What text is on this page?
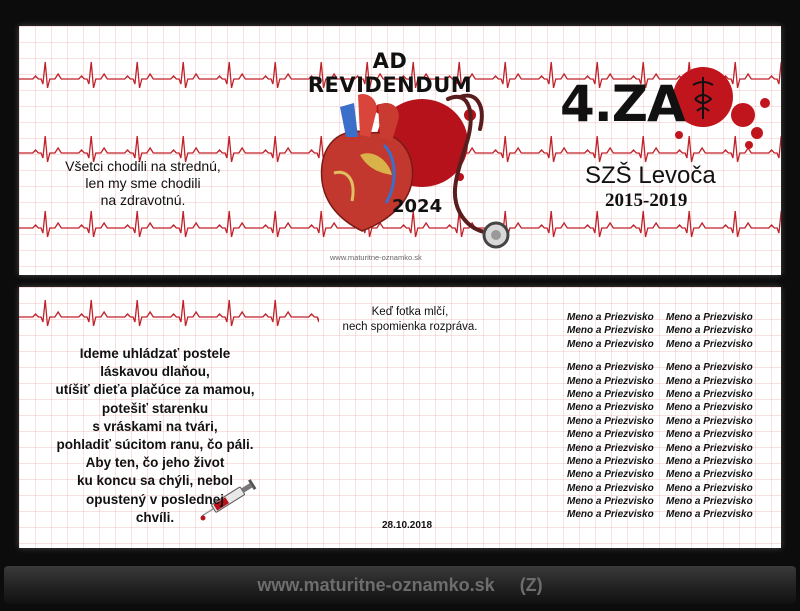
AD REVIDENDUM
Všetci chodili na strednú,
len my sme chodili
na zdravotnú.
4.ZA
SZŠ Levoča
2015-2019
2024
www.maturitne-oznamko.sk
Keď fotka mlčí,
nech spomienka rozpráva.
Ideme uhládzať postele
láskavou dlaňou,
utíšiť dieťa plačúce za mamou,
potešiť starenku
s vráskami na tvári,
pohladiť súcitom ranu, čo páli.
Aby ten, čo jeho život
ku koncu sa chýli, nebol
opustený v poslednej
chvíli.
28.10.2018
Meno a Priezvisko
Meno a Priezvisko
Meno a Priezvisko
Meno a Priezvisko
Meno a Priezvisko
Meno a Priezvisko
Meno a Priezvisko
Meno a Priezvisko
Meno a Priezvisko
Meno a Priezvisko
Meno a Priezvisko
Meno a Priezvisko
Meno a Priezvisko
Meno a Priezvisko
Meno a Priezvisko
Meno a Priezvisko
Meno a Priezvisko
Meno a Priezvisko
Meno a Priezvisko
Meno a Priezvisko
Meno a Priezvisko
Meno a Priezvisko
Meno a Priezvisko
Meno a Priezvisko
Meno a Priezvisko
Meno a Priezvisko
Meno a Priezvisko
Meno a Priezvisko
Meno a Priezvisko
Meno a Priezvisko
www.maturitne-oznamko.sk     (Z)
